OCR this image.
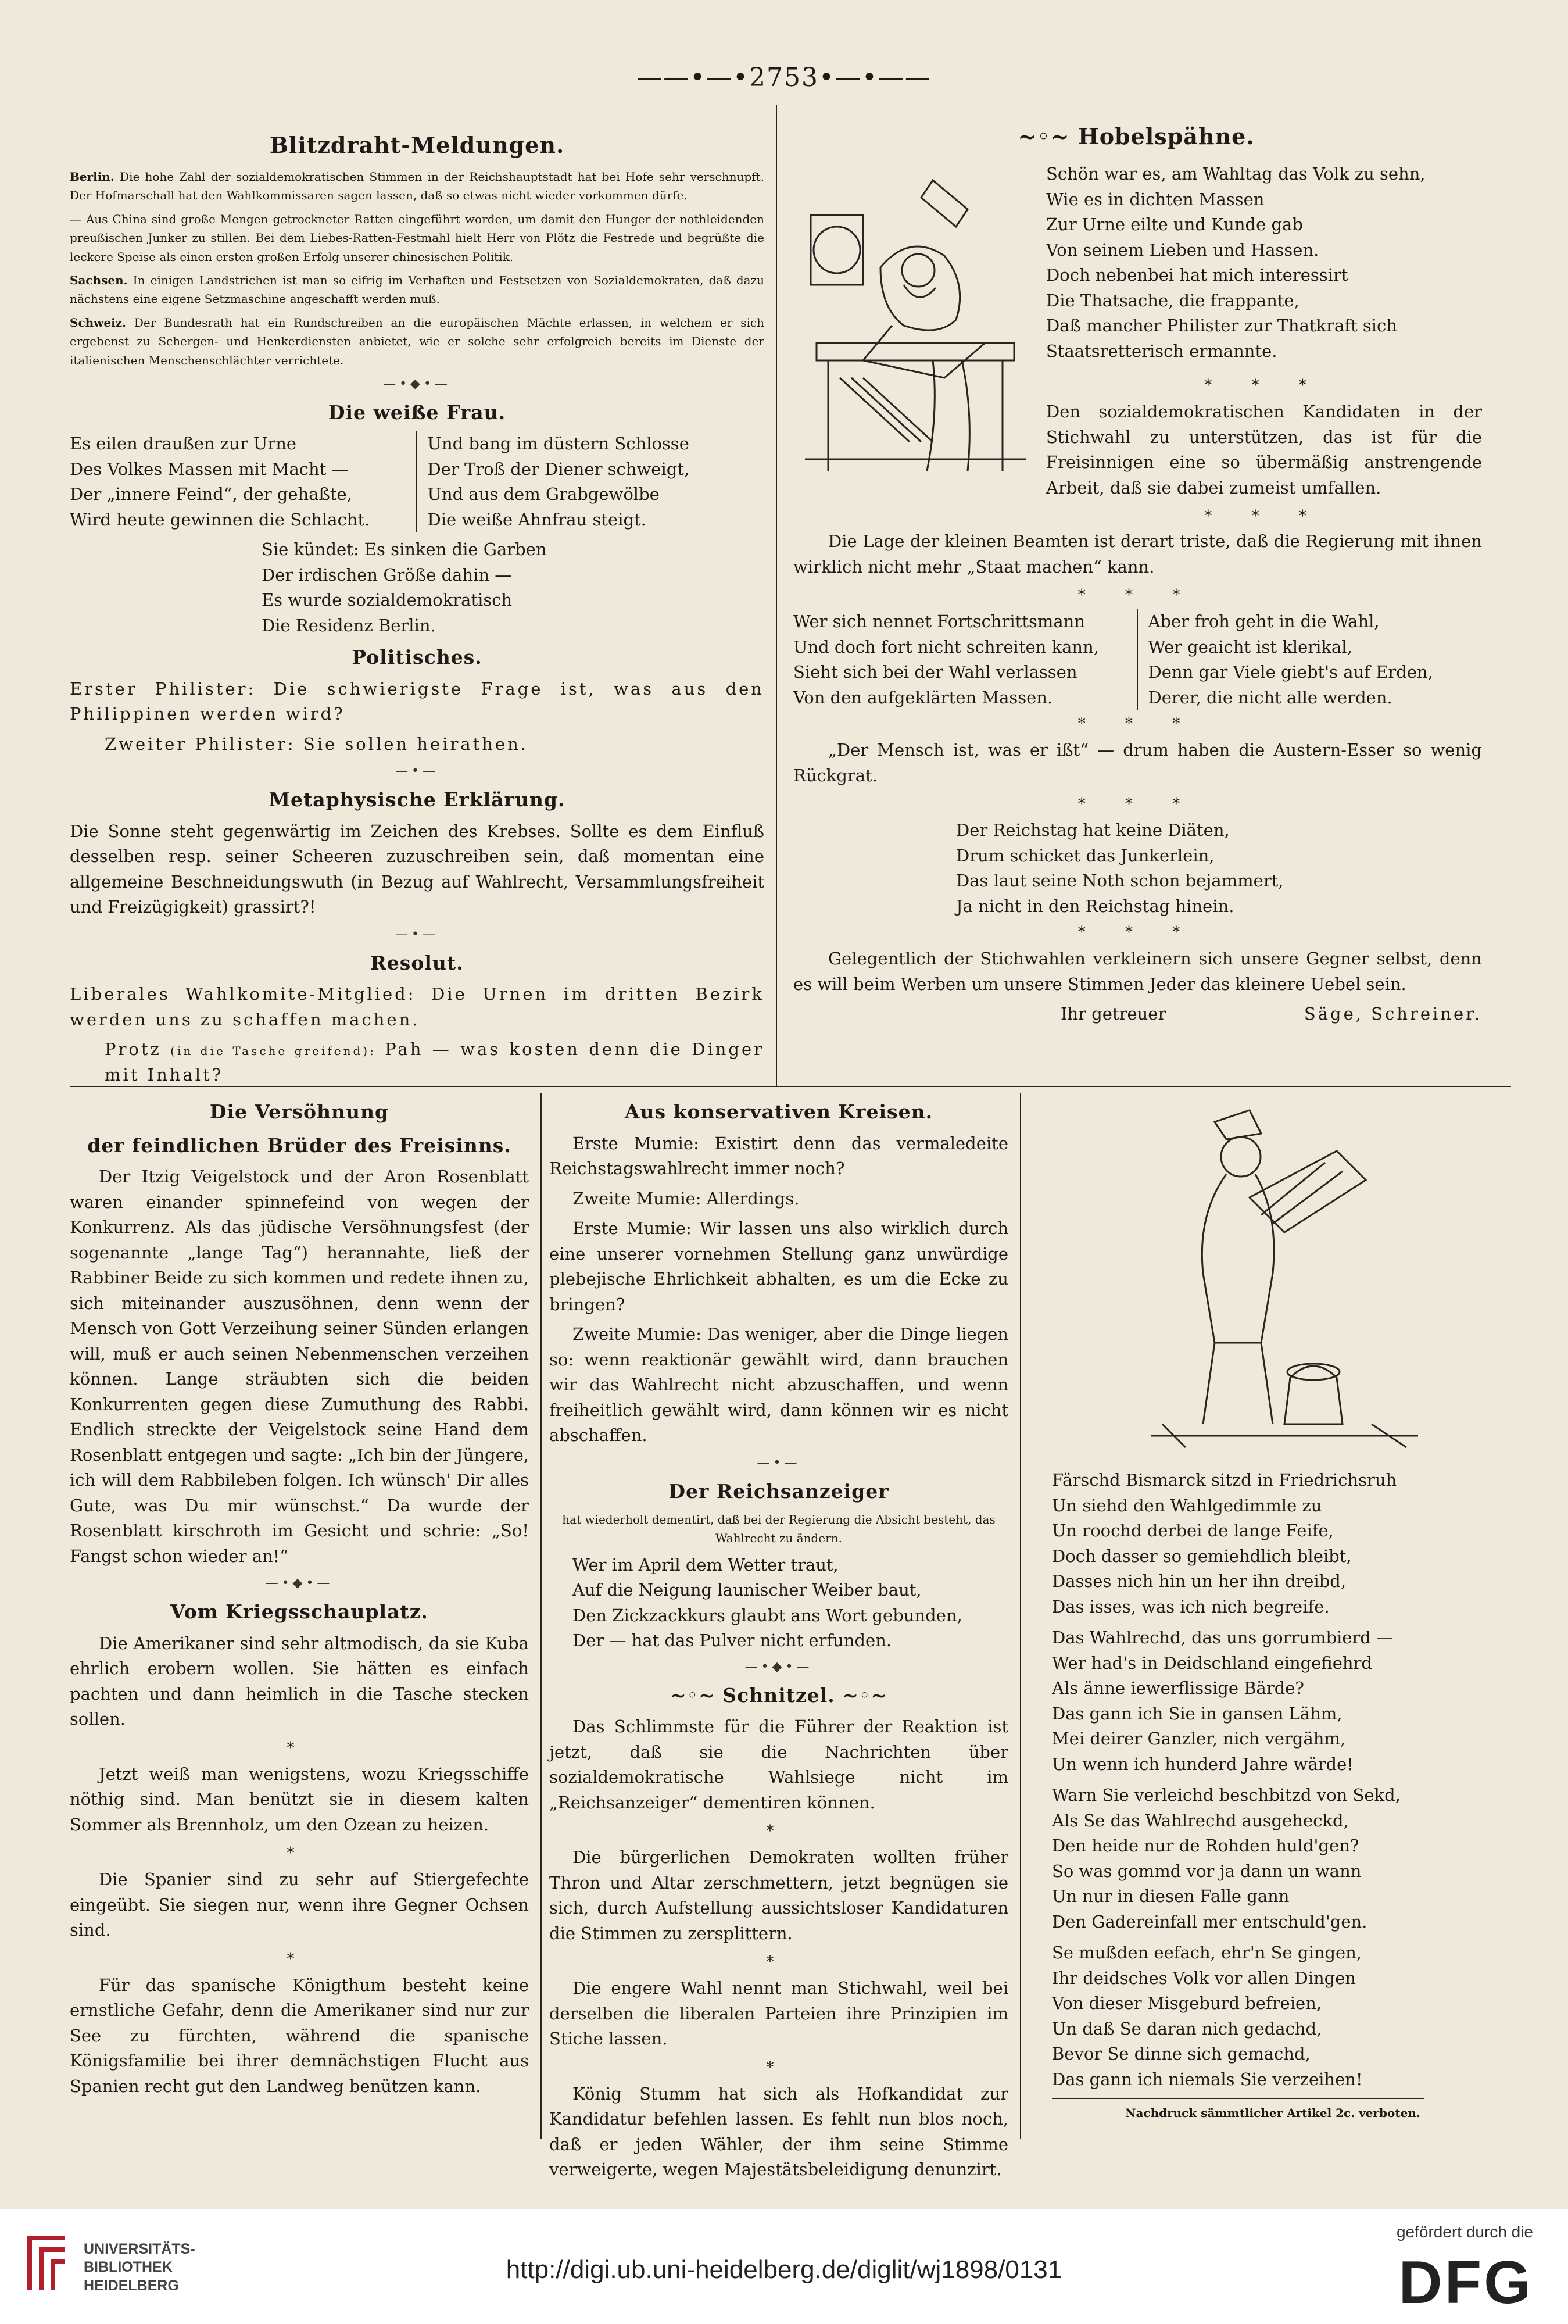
——•—•2753•—•——
Blitzdraht-Meldungen.

Berlin. Die hohe Zahl der sozialdemokratischen Stimmen in der Reichshauptstadt hat bei Hofe sehr verschnupft. Der Hofmarschall hat den Wahlkommissaren sagen lassen, daß so etwas nicht wieder vorkommen dürfe.

— Aus China sind große Mengen getrockneter Ratten eingeführt worden, um damit den Hunger der nothleidenden preußischen Junker zu stillen. Bei dem Liebes-Ratten-Festmahl hielt Herr von Plötz die Festrede und begrüßte die leckere Speise als einen ersten großen Erfolg unserer chinesischen Politik.

Sachsen. In einigen Landstrichen ist man so eifrig im Verhaften und Festsetzen von Sozialdemokraten, daß dazu nächstens eine eigene Setzmaschine angeschafft werden muß.

Schweiz. Der Bundesrath hat ein Rundschreiben an die europäischen Mächte erlassen, in welchem er sich ergebenst zu Schergen- und Henkerdiensten anbietet, wie er solche sehr erfolgreich bereits im Dienste der italienischen Menschenschlächter verrichtete.

—•◆•—
Die weiße Frau.
Es eilen draußen zur Urne
Des Volkes Massen mit Macht —
Der „innere Feind“, der gehaßte,
Wird heute gewinnen die Schlacht.
Und bang im düstern Schlosse
Der Troß der Diener schweigt,
Und aus dem Grabgewölbe
Die weiße Ahnfrau steigt.
Sie kündet: Es sinken die Garben
Der irdischen Größe dahin —
Es wurde sozialdemokratisch
Die Residenz Berlin.
Politisches.

Erster Philister: Die schwierigste Frage ist, was aus den Philippinen werden wird?

Zweiter Philister: Sie sollen heirathen.

—•—
Metaphysische Erklärung.

Die Sonne steht gegenwärtig im Zeichen des Krebses. Sollte es dem Einfluß desselben resp. seiner Scheeren zuzuschreiben sein, daß momentan eine allgemeine Beschneidungswuth (in Bezug auf Wahlrecht, Versammlungsfreiheit und Freizügigkeit) grassirt?!

—•—
Resolut.

Liberales Wahlkomite-Mitglied: Die Urnen im dritten Bezirk werden uns zu schaffen machen.

Protz (in die Tasche greifend): Pah — was kosten denn die Dinger mit Inhalt?

~◦~ Hobelspähne.
Schön war es, am Wahltag das Volk zu sehn,
Wie es in dichten Massen
Zur Urne eilte und Kunde gab
Von seinem Lieben und Hassen.
Doch nebenbei hat mich interessirt
Die Thatsache, die frappante,
Daß mancher Philister zur Thatkraft sich
Staatsretterisch ermannte.
* * *

Den sozialdemokratischen Kandidaten in der Stichwahl zu unterstützen, das ist für die Freisinnigen eine so übermäßig anstrengende Arbeit, daß sie dabei zumeist umfallen.

* * *

Die Lage der kleinen Beamten ist derart triste, daß die Regierung mit ihnen wirklich nicht mehr „Staat machen“ kann.

* * *
Wer sich nennet Fortschrittsmann
Und doch fort nicht schreiten kann,
Sieht sich bei der Wahl verlassen
Von den aufgeklärten Massen.
Aber froh geht in die Wahl,
Wer geaicht ist klerikal,
Denn gar Viele giebt's auf Erden,
Derer, die nicht alle werden.
* * *

„Der Mensch ist, was er ißt“ — drum haben die Austern-Esser so wenig Rückgrat.

* * *
Der Reichstag hat keine Diäten,
Drum schicket das Junkerlein,
Das laut seine Noth schon bejammert,
Ja nicht in den Reichstag hinein.
* * *

Gelegentlich der Stichwahlen verkleinern sich unsere Gegner selbst, denn es will beim Werben um unsere Stimmen Jeder das kleinere Uebel sein.

Ihr getreuer	Säge, Schreiner.
Die Versöhnung
der feindlichen Brüder des Freisinns.

Der Itzig Veigelstock und der Aron Rosenblatt waren einander spinnefeind von wegen der Konkurrenz. Als das jüdische Versöhnungsfest (der sogenannte „lange Tag“) herannahte, ließ der Rabbiner Beide zu sich kommen und redete ihnen zu, sich miteinander auszusöhnen, denn wenn der Mensch von Gott Verzeihung seiner Sünden erlangen will, muß er auch seinen Nebenmenschen verzeihen können. Lange sträubten sich die beiden Konkurrenten gegen diese Zumuthung des Rabbi. Endlich streckte der Veigelstock seine Hand dem Rosenblatt entgegen und sagte: „Ich bin der Jüngere, ich will dem Rabbileben folgen. Ich wünsch' Dir alles Gute, was Du mir wünschst.“ Da wurde der Rosenblatt kirschroth im Gesicht und schrie: „So! Fangst schon wieder an!“

—•◆•—
Vom Kriegsschauplatz.

Die Amerikaner sind sehr altmodisch, da sie Kuba ehrlich erobern wollen. Sie hätten es einfach pachten und dann heimlich in die Tasche stecken sollen.

*

Jetzt weiß man wenigstens, wozu Kriegsschiffe nöthig sind. Man benützt sie in diesem kalten Sommer als Brennholz, um den Ozean zu heizen.

*

Die Spanier sind zu sehr auf Stiergefechte eingeübt. Sie siegen nur, wenn ihre Gegner Ochsen sind.

*

Für das spanische Königthum besteht keine ernstliche Gefahr, denn die Amerikaner sind nur zur See zu fürchten, während die spanische Königsfamilie bei ihrer demnächstigen Flucht aus Spanien recht gut den Landweg benützen kann.

Aus konservativen Kreisen.

Erste Mumie: Existirt denn das vermaledeite Reichstagswahlrecht immer noch?

Zweite Mumie: Allerdings.

Erste Mumie: Wir lassen uns also wirklich durch eine unserer vornehmen Stellung ganz unwürdige plebejische Ehrlichkeit abhalten, es um die Ecke zu bringen?

Zweite Mumie: Das weniger, aber die Dinge liegen so: wenn reaktionär gewählt wird, dann brauchen wir das Wahlrecht nicht abzuschaffen, und wenn freiheitlich gewählt wird, dann können wir es nicht abschaffen.

—•—
Der Reichsanzeiger

hat wiederholt dementirt, daß bei der Regierung die Absicht besteht, das Wahlrecht zu ändern.

Wer im April dem Wetter traut,
Auf die Neigung launischer Weiber baut,
Den Zickzackkurs glaubt ans Wort gebunden,
Der — hat das Pulver nicht erfunden.
—•◆•—
~◦~ Schnitzel. ~◦~

Das Schlimmste für die Führer der Reaktion ist jetzt, daß sie die Nachrichten über sozialdemokratische Wahlsiege nicht im „Reichsanzeiger“ dementiren können.

*

Die bürgerlichen Demokraten wollten früher Thron und Altar zerschmettern, jetzt begnügen sie sich, durch Aufstellung aussichtsloser Kandidaturen die Stimmen zu zersplittern.

*

Die engere Wahl nennt man Stichwahl, weil bei derselben die liberalen Parteien ihre Prinzipien im Stiche lassen.

*

König Stumm hat sich als Hofkandidat zur Kandidatur befehlen lassen. Es fehlt nun blos noch, daß er jeden Wähler, der ihm seine Stimme verweigerte, wegen Majestätsbeleidigung denunzirt.

Färschd Bismarck sitzd in Friedrichsruh
Un siehd den Wahlgedimmle zu
Un roochd derbei de lange Feife,
Doch dasser so gemiehdlich bleibt,
Dasses nich hin un her ihn dreibd,
Das isses, was ich nich begreife.
Das Wahlrechd, das uns gorrumbierd —
Wer had's in Deidschland eingefiehrd
Als änne iewerflissige Bärde?
Das gann ich Sie in gansen Lähm,
Mei deirer Ganzler, nich vergähm,
Un wenn ich hunderd Jahre wärde!
Warn Sie verleichd beschbitzd von Sekd,
Als Se das Wahlrechd ausgeheckd,
Den heide nur de Rohden huld'gen?
So was gommd vor ja dann un wann
Un nur in diesen Falle gann
Den Gadereinfall mer entschuld'gen.
Se mußden eefach, ehr'n Se gingen,
Ihr deidsches Volk vor allen Dingen
Von dieser Misgeburd befreien,
Un daß Se daran nich gedachd,
Bevor Se dinne sich gemachd,
Das gann ich niemals Sie verzeihen!
Nachdruck sämmtlicher Artikel 2c. verboten.
UNIVERSITÄTS-
BIBLIOTHEK
HEIDELBERG
http://digi.ub.uni-heidelberg.de/diglit/wj1898/0131
gefördert durch die
DFG
